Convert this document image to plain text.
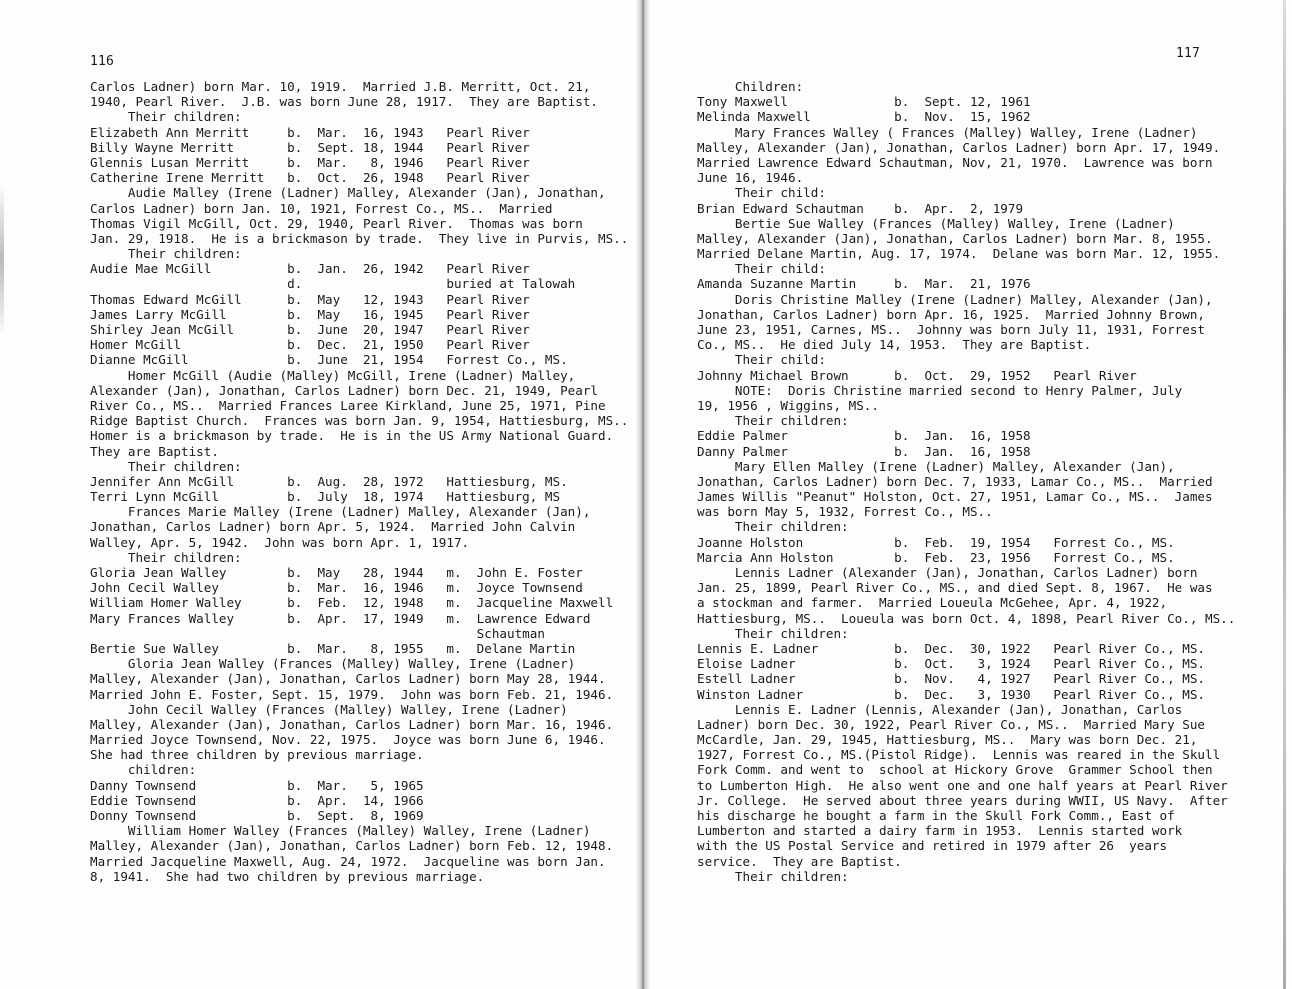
116
117
Carlos Ladner) born Mar. 10, 1919.  Married J.B. Merritt, Oct. 21,
1940, Pearl River.  J.B. was born June 28, 1917.  They are Baptist.
Their children:
Elizabeth Ann Merritt     b.  Mar.  16, 1943   Pearl River
Billy Wayne Merritt       b.  Sept. 18, 1944   Pearl River
Glennis Lusan Merritt     b.  Mar.   8, 1946   Pearl River
Catherine Irene Merritt   b.  Oct.  26, 1948   Pearl River
Audie Malley (Irene (Ladner) Malley, Alexander (Jan), Jonathan,
Carlos Ladner) born Jan. 10, 1921, Forrest Co., MS..  Married
Thomas Vigil McGill, Oct. 29, 1940, Pearl River.  Thomas was born
Jan. 29, 1918.  He is a brickmason by trade.  They live in Purvis, MS..
Their children:
Audie Mae McGill          b.  Jan.  26, 1942   Pearl River
d.                   buried at Talowah
Thomas Edward McGill      b.  May   12, 1943   Pearl River
James Larry McGill        b.  May   16, 1945   Pearl River
Shirley Jean McGill       b.  June  20, 1947   Pearl River
Homer McGill              b.  Dec.  21, 1950   Pearl River
Dianne McGill             b.  June  21, 1954   Forrest Co., MS.
Homer McGill (Audie (Malley) McGill, Irene (Ladner) Malley,
Alexander (Jan), Jonathan, Carlos Ladner) born Dec. 21, 1949, Pearl
River Co., MS..  Married Frances Laree Kirkland, June 25, 1971, Pine
Ridge Baptist Church.  Frances was born Jan. 9, 1954, Hattiesburg, MS..
Homer is a brickmason by trade.  He is in the US Army National Guard.
They are Baptist.
Their children:
Jennifer Ann McGill       b.  Aug.  28, 1972   Hattiesburg, MS.
Terri Lynn McGill         b.  July  18, 1974   Hattiesburg, MS
Frances Marie Malley (Irene (Ladner) Malley, Alexander (Jan),
Jonathan, Carlos Ladner) born Apr. 5, 1924.  Married John Calvin
Walley, Apr. 5, 1942.  John was born Apr. 1, 1917.
Their children:
Gloria Jean Walley        b.  May   28, 1944   m.  John E. Foster
John Cecil Walley         b.  Mar.  16, 1946   m.  Joyce Townsend
William Homer Walley      b.  Feb.  12, 1948   m.  Jacqueline Maxwell
Mary Frances Walley       b.  Apr.  17, 1949   m.  Lawrence Edward
Schautman
Bertie Sue Walley         b.  Mar.   8, 1955   m.  Delane Martin
Gloria Jean Walley (Frances (Malley) Walley, Irene (Ladner)
Malley, Alexander (Jan), Jonathan, Carlos Ladner) born May 28, 1944.
Married John E. Foster, Sept. 15, 1979.  John was born Feb. 21, 1946.
John Cecil Walley (Frances (Malley) Walley, Irene (Ladner)
Malley, Alexander (Jan), Jonathan, Carlos Ladner) born Mar. 16, 1946.
Married Joyce Townsend, Nov. 22, 1975.  Joyce was born June 6, 1946.
She had three children by previous marriage.
children:
Danny Townsend            b.  Mar.   5, 1965
Eddie Townsend            b.  Apr.  14, 1966
Donny Townsend            b.  Sept.  8, 1969
William Homer Walley (Frances (Malley) Walley, Irene (Ladner)
Malley, Alexander (Jan), Jonathan, Carlos Ladner) born Feb. 12, 1948.
Married Jacqueline Maxwell, Aug. 24, 1972.  Jacqueline was born Jan.
8, 1941.  She had two children by previous marriage.
Children:
Tony Maxwell              b.  Sept. 12, 1961
Melinda Maxwell           b.  Nov.  15, 1962
Mary Frances Walley ( Frances (Malley) Walley, Irene (Ladner)
Malley, Alexander (Jan), Jonathan, Carlos Ladner) born Apr. 17, 1949.
Married Lawrence Edward Schautman, Nov, 21, 1970.  Lawrence was born
June 16, 1946.
Their child:
Brian Edward Schautman    b.  Apr.  2, 1979
Bertie Sue Walley (Frances (Malley) Walley, Irene (Ladner)
Malley, Alexander (Jan), Jonathan, Carlos Ladner) born Mar. 8, 1955.
Married Delane Martin, Aug. 17, 1974.  Delane was born Mar. 12, 1955.
Their child:
Amanda Suzanne Martin     b.  Mar.  21, 1976
Doris Christine Malley (Irene (Ladner) Malley, Alexander (Jan),
Jonathan, Carlos Ladner) born Apr. 16, 1925.  Married Johnny Brown,
June 23, 1951, Carnes, MS..  Johnny was born July 11, 1931, Forrest
Co., MS..  He died July 14, 1953.  They are Baptist.
Their child:
Johnny Michael Brown      b.  Oct.  29, 1952   Pearl River
NOTE:  Doris Christine married second to Henry Palmer, July
19, 1956 , Wiggins, MS..
Their children:
Eddie Palmer              b.  Jan.  16, 1958
Danny Palmer              b.  Jan.  16, 1958
Mary Ellen Malley (Irene (Ladner) Malley, Alexander (Jan),
Jonathan, Carlos Ladner) born Dec. 7, 1933, Lamar Co., MS..  Married
James Willis "Peanut" Holston, Oct. 27, 1951, Lamar Co., MS..  James
was born May 5, 1932, Forrest Co., MS..
Their children:
Joanne Holston            b.  Feb.  19, 1954   Forrest Co., MS.
Marcia Ann Holston        b.  Feb.  23, 1956   Forrest Co., MS.
Lennis Ladner (Alexander (Jan), Jonathan, Carlos Ladner) born
Jan. 25, 1899, Pearl River Co., MS., and died Sept. 8, 1967.  He was
a stockman and farmer.  Married Loueula McGehee, Apr. 4, 1922,
Hattiesburg, MS..  Loueula was born Oct. 4, 1898, Pearl River Co., MS..
Their children:
Lennis E. Ladner          b.  Dec.  30, 1922   Pearl River Co., MS.
Eloise Ladner             b.  Oct.   3, 1924   Pearl River Co., MS.
Estell Ladner             b.  Nov.   4, 1927   Pearl River Co., MS.
Winston Ladner            b.  Dec.   3, 1930   Pearl River Co., MS.
Lennis E. Ladner (Lennis, Alexander (Jan), Jonathan, Carlos
Ladner) born Dec. 30, 1922, Pearl River Co., MS..  Married Mary Sue
McCardle, Jan. 29, 1945, Hattiesburg, MS..  Mary was born Dec. 21,
1927, Forrest Co., MS.(Pistol Ridge).  Lennis was reared in the Skull
Fork Comm. and went to  school at Hickory Grove  Grammer School then
to Lumberton High.  He also went one and one half years at Pearl River
Jr. College.  He served about three years during WWII, US Navy.  After
his discharge he bought a farm in the Skull Fork Comm., East of
Lumberton and started a dairy farm in 1953.  Lennis started work
with the US Postal Service and retired in 1979 after 26  years
service.  They are Baptist.
Their children:
